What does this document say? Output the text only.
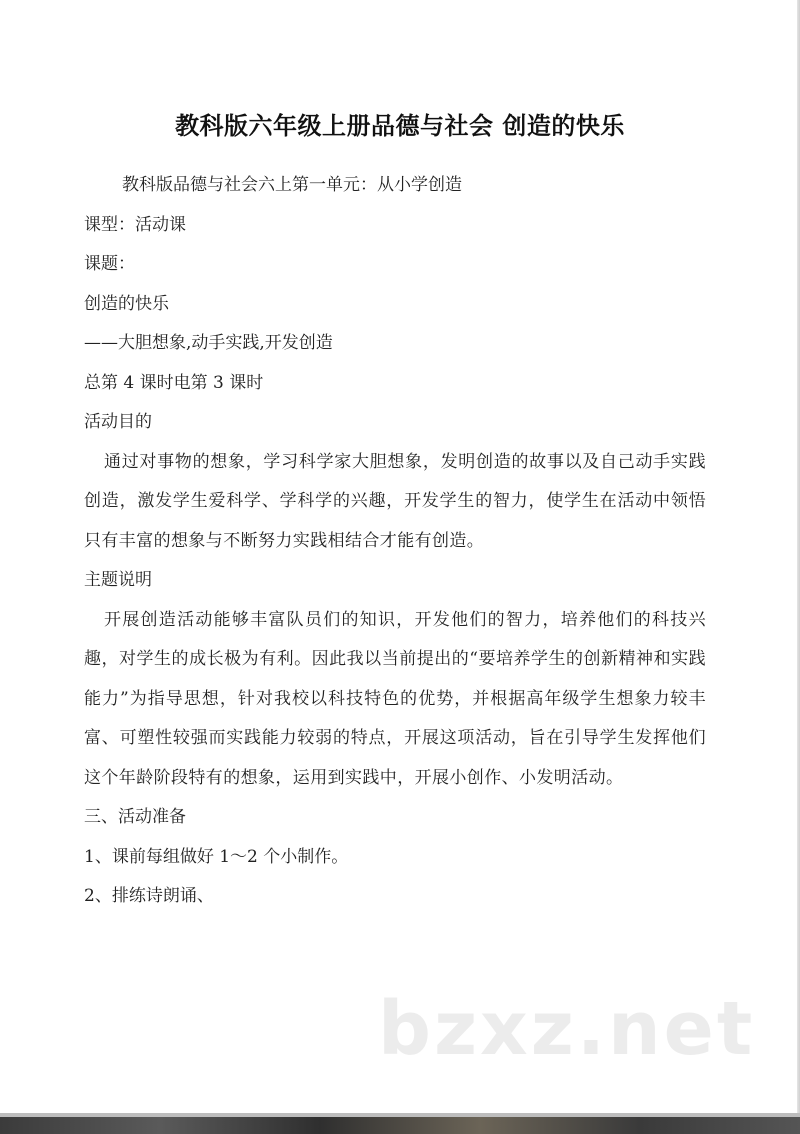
教科版六年级上册品德与社会 创造的快乐

教科版品德与社会六上第一单元：从小学创造

课型：活动课

课题：

创造的快乐

——大胆想象,动手实践,开发创造

总第 4 课时电第 3 课时

活动目的

通过对事物的想象，学习科学家大胆想象，发明创造的故事以及自己动手实践创造，激发学生爱科学、学科学的兴趣，开发学生的智力，使学生在活动中领悟只有丰富的想象与不断努力实践相结合才能有创造。

主题说明

开展创造活动能够丰富队员们的知识，开发他们的智力，培养他们的科技兴趣，对学生的成长极为有利。因此我以当前提出的“要培养学生的创新精神和实践能力”为指导思想，针对我校以科技特色的优势，并根据高年级学生想象力较丰富、可塑性较强而实践能力较弱的特点，开展这项活动，旨在引导学生发挥他们这个年龄阶段特有的想象，运用到实践中，开展小创作、小发明活动。

三、活动准备

1、课前每组做好 1～2 个小制作。

2、排练诗朗诵、

bzxz.net
